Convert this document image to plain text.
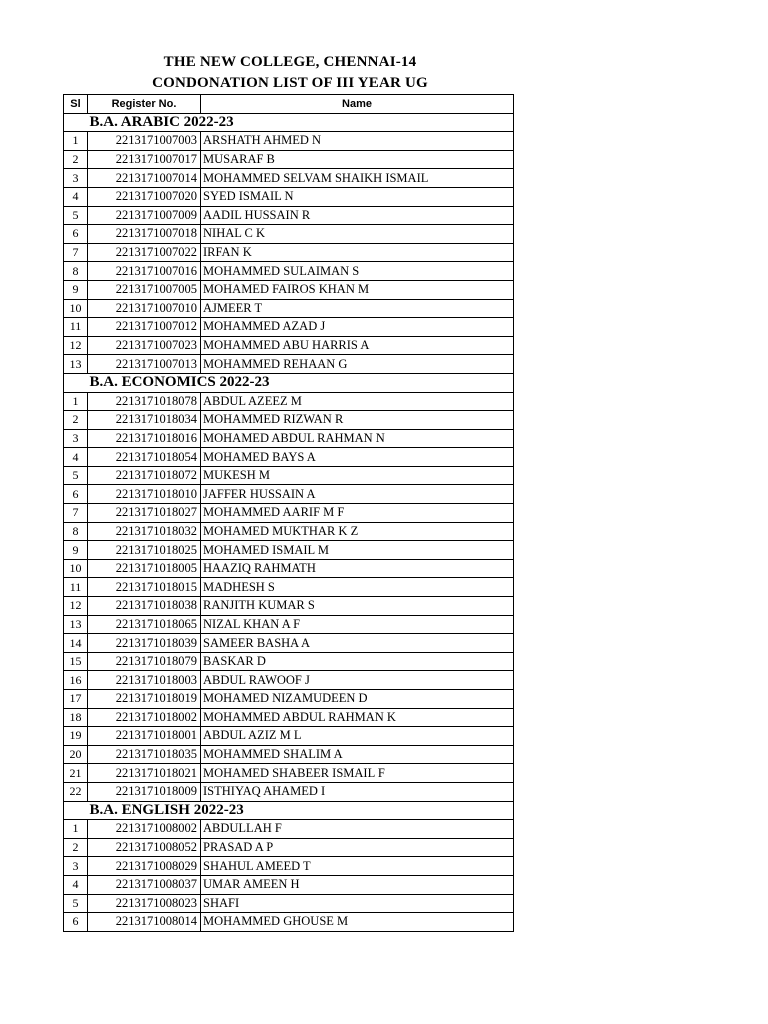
THE NEW COLLEGE, CHENNAI-14
CONDONATION LIST OF III YEAR UG
Sl	Register No.	Name
	B.A. ARABIC 2022-23	
1	2213171007003	ARSHATH AHMED N
2	2213171007017	MUSARAF B
3	2213171007014	MOHAMMED SELVAM SHAIKH ISMAIL
4	2213171007020	SYED ISMAIL N
5	2213171007009	AADIL HUSSAIN R
6	2213171007018	NIHAL C K
7	2213171007022	IRFAN K
8	2213171007016	MOHAMMED SULAIMAN S
9	2213171007005	MOHAMED FAIROS KHAN M
10	2213171007010	AJMEER T
11	2213171007012	MOHAMMED AZAD J
12	2213171007023	MOHAMMED ABU HARRIS A
13	2213171007013	MOHAMMED REHAAN G
	B.A. ECONOMICS 2022-23	
1	2213171018078	ABDUL AZEEZ M
2	2213171018034	MOHAMMED RIZWAN R
3	2213171018016	MOHAMED ABDUL RAHMAN N
4	2213171018054	MOHAMED BAYS A
5	2213171018072	MUKESH M
6	2213171018010	JAFFER HUSSAIN A
7	2213171018027	MOHAMMED AARIF M F
8	2213171018032	MOHAMED MUKTHAR K Z
9	2213171018025	MOHAMED ISMAIL M
10	2213171018005	HAAZIQ RAHMATH
11	2213171018015	MADHESH S
12	2213171018038	RANJITH KUMAR S
13	2213171018065	NIZAL KHAN A F
14	2213171018039	SAMEER BASHA A
15	2213171018079	BASKAR D
16	2213171018003	ABDUL RAWOOF J
17	2213171018019	MOHAMED NIZAMUDEEN D
18	2213171018002	MOHAMMED ABDUL RAHMAN K
19	2213171018001	ABDUL AZIZ M L
20	2213171018035	MOHAMMED SHALIM A
21	2213171018021	MOHAMED SHABEER ISMAIL F
22	2213171018009	ISTHIYAQ AHAMED I
	B.A. ENGLISH 2022-23	
1	2213171008002	ABDULLAH F
2	2213171008052	PRASAD A P
3	2213171008029	SHAHUL AMEED T
4	2213171008037	UMAR AMEEN H
5	2213171008023	SHAFI
6	2213171008014	MOHAMMED GHOUSE M
